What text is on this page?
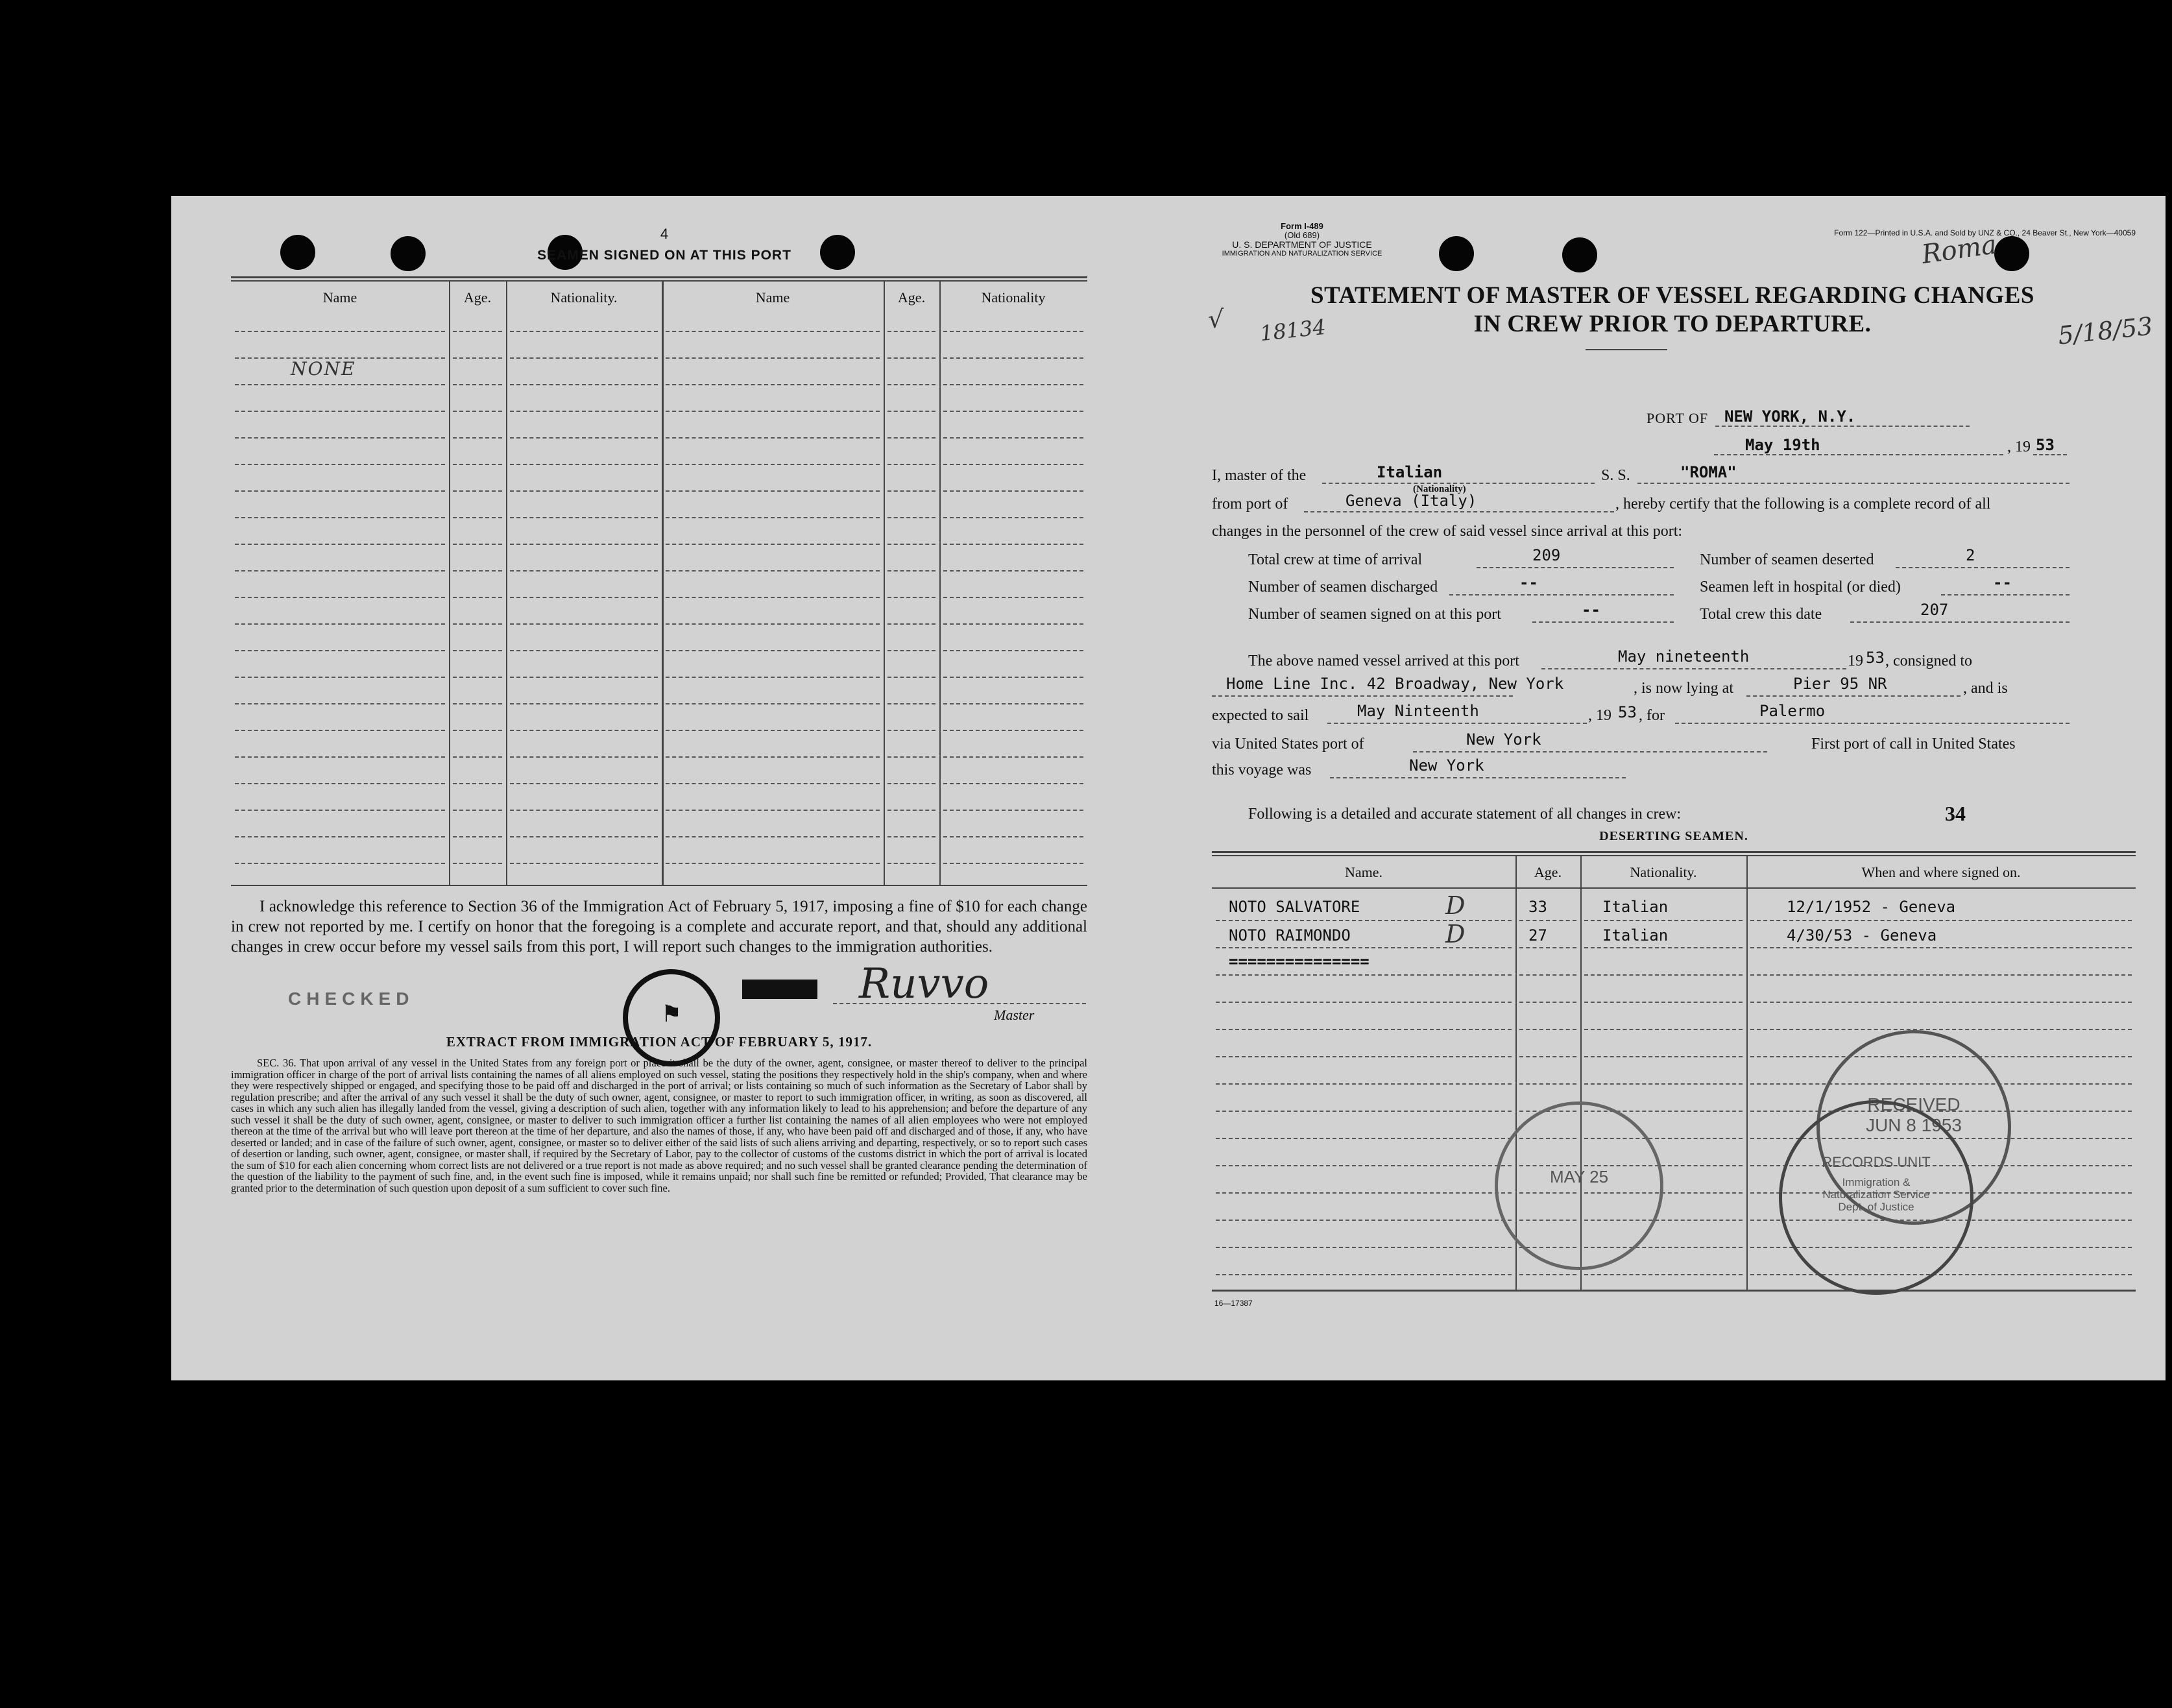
4
SEAMEN SIGNED ON AT THIS PORT
Name	Age.	Nationality.	Name	Age.	Nationality
NONE
I acknowledge this reference to Section 36 of the Immigration Act of February 5, 1917, imposing a fine of $10 for each change in crew not reported by me. I certify on honor that the foregoing is a complete and accurate report, and that, should any additional changes in crew occur before my vessel sails from this port, I will report such changes to the immigration authorities.
CHECKED	Ruvvo
Master
⚑
EXTRACT FROM IMMIGRATION ACT OF FEBRUARY 5, 1917.
SEC. 36. That upon arrival of any vessel in the United States from any foreign port or place it shall be the duty of the owner, agent, consignee, or master thereof to deliver to the principal immigration officer in charge of the port of arrival lists containing the names of all aliens employed on such vessel, stating the positions they respectively hold in the ship's company, when and where they were respectively shipped or engaged, and specifying those to be paid off and discharged in the port of arrival; or lists containing so much of such information as the Secretary of Labor shall by regulation prescribe; and after the arrival of any such vessel it shall be the duty of such owner, agent, consignee, or master to report to such immigration officer, in writing, as soon as discovered, all cases in which any such alien has illegally landed from the vessel, giving a description of such alien, together with any information likely to lead to his apprehension; and before the departure of any such vessel it shall be the duty of such owner, agent, consignee, or master to deliver to such immigration officer a further list containing the names of all alien employees who were not employed thereon at the time of the arrival but who will leave port thereon at the time of her departure, and also the names of those, if any, who have been paid off and discharged and of those, if any, who have deserted or landed; and in case of the failure of such owner, agent, consignee, or master so to deliver either of the said lists of such aliens arriving and departing, respectively, or so to report such cases of desertion or landing, such owner, agent, consignee, or master shall, if required by the Secretary of Labor, pay to the collector of customs of the customs district in which the port of arrival is located the sum of $10 for each alien concerning whom correct lists are not delivered or a true report is not made as above required; and no such vessel shall be granted clearance pending the determination of the question of the liability to the payment of such fine, and, in the event such fine is imposed, while it remains unpaid; nor shall such fine be remitted or refunded; Provided, That clearance may be granted prior to the determination of such question upon deposit of a sum sufficient to cover such fine.
Form I-489
(Old 689)
U. S. DEPARTMENT OF JUSTICE
IMMIGRATION AND NATURALIZATION SERVICE
Form 122—Printed in U.S.A. and Sold by UNZ & CO., 24 Beaver St., New York—40059
STATEMENT OF MASTER OF VESSEL REGARDING CHANGES
IN CREW PRIOR TO DEPARTURE.
√ 18134
Roma
5/18/53
PORT OF NEW YORK, N.Y.
May 19th	, 19 53
I, master of the	Italian
(Nationality)
S. S.	"ROMA"
from port of	Geneva (Italy)	, hereby certify that the following is a complete record of all
changes in the personnel of the crew of said vessel since arrival at this port:
Total crew at time of arrival	209	Number of seamen deserted	2
Number of seamen discharged	--	Seamen left in hospital (or died)	--
Number of seamen signed on at this port	--	Total crew this date	207
The above named vessel arrived at this port	May nineteenth	19 53 , consigned to
Home Line Inc. 42 Broadway, New York	, is now lying at	Pier 95 NR	, and is
expected to sail	May Ninteenth	, 19 53 , for	Palermo
via United States port of	New York	First port of call in United States
this voyage was	New York
Following is a detailed and accurate statement of all changes in crew:	34
DESERTING SEAMEN.
Name.	Age.	Nationality.	When and where signed on.
NOTO SALVATORE	D	33	Italian	12/1/1952 - Geneva
NOTO RAIMONDO	D	27	Italian	4/30/53 - Geneva
===============
RECEIVED
JUN 8 1953
RECORDS UNIT
Immigration & Naturalization Service Dept. of Justice
MAY 25
16—17387
